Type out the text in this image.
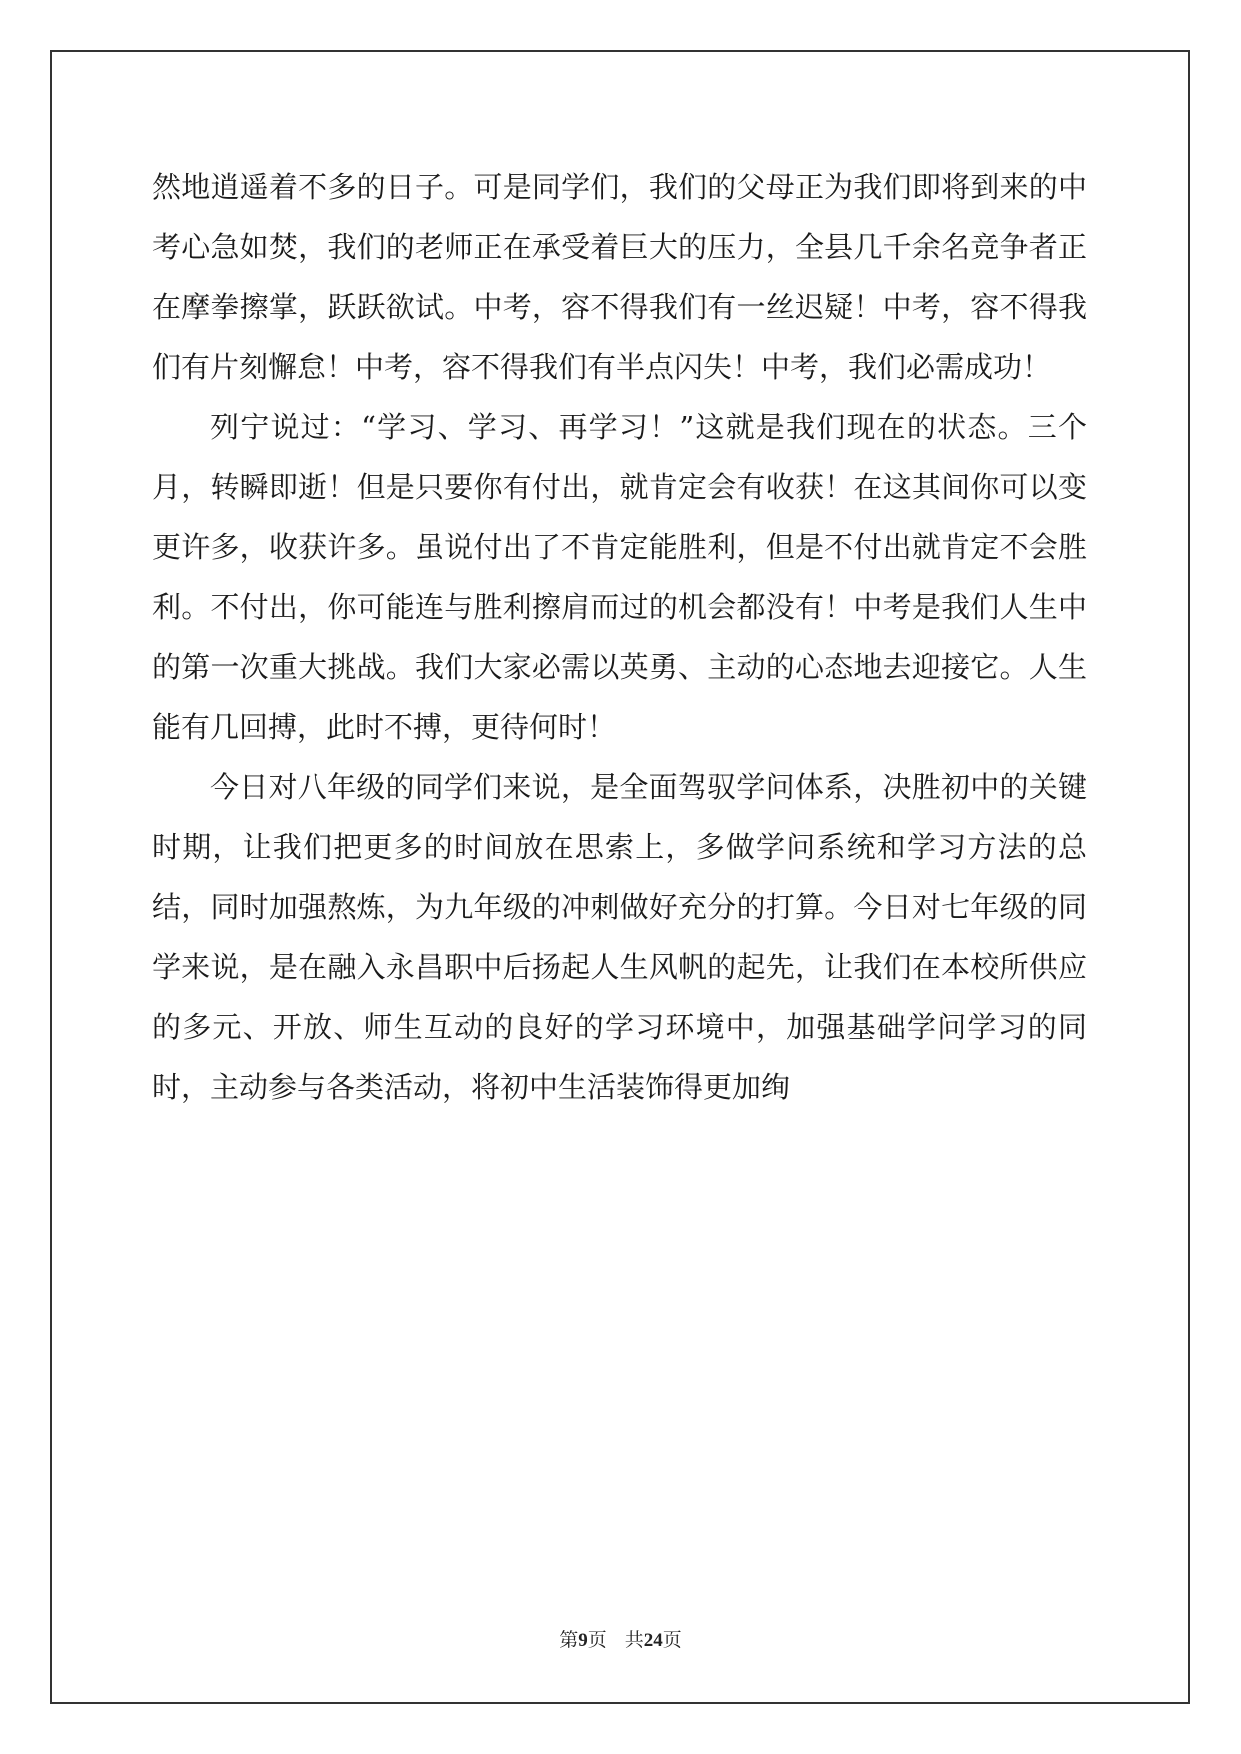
然地逍遥着不多的日子。可是同学们，我们的父母正为我们即将到来的中考心急如焚，我们的老师正在承受着巨大的压力，全县几千余名竞争者正在摩拳擦掌，跃跃欲试。中考，容不得我们有一丝迟疑！中考，容不得我们有片刻懈怠！中考，容不得我们有半点闪失！中考，我们必需成功！

列宁说过：“学习、学习、再学习！”这就是我们现在的状态。三个月，转瞬即逝！但是只要你有付出，就肯定会有收获！在这其间你可以变更许多，收获许多。虽说付出了不肯定能胜利，但是不付出就肯定不会胜利。不付出，你可能连与胜利擦肩而过的机会都没有！中考是我们人生中的第一次重大挑战。我们大家必需以英勇、主动的心态地去迎接它。人生能有几回搏，此时不搏，更待何时！

今日对八年级的同学们来说，是全面驾驭学问体系，决胜初中的关键时期，让我们把更多的时间放在思索上，多做学问系统和学习方法的总结，同时加强熬炼，为九年级的冲刺做好充分的打算。今日对七年级的同学来说，是在融入永昌职中后扬起人生风帆的起先，让我们在本校所供应的多元、开放、师生互动的良好的学习环境中，加强基础学问学习的同时，主动参与各类活动，将初中生活装饰得更加绚

第9页 共24页
